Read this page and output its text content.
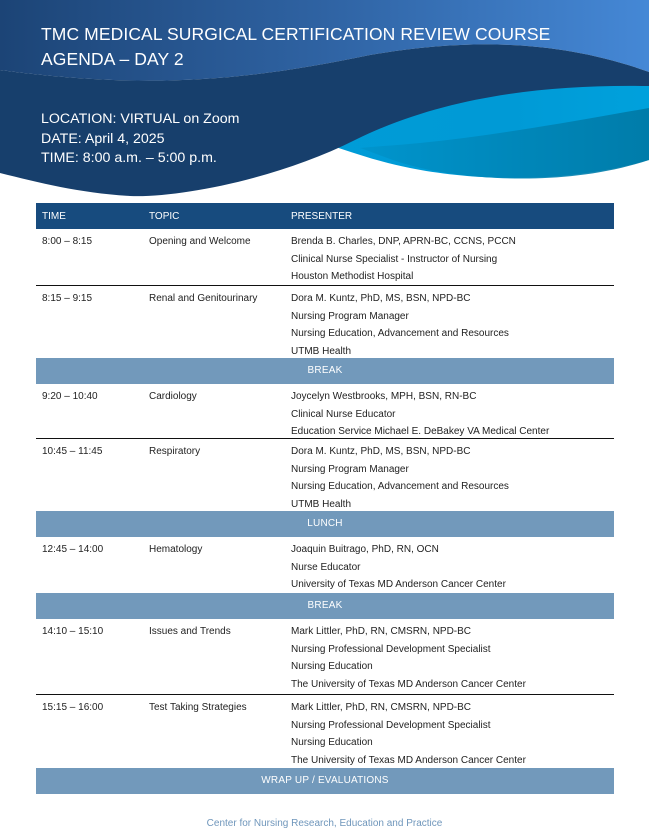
TMC MEDICAL SURGICAL CERTIFICATION REVIEW COURSE
AGENDA – DAY 2
LOCATION: VIRTUAL on Zoom
DATE: April 4, 2025
TIME: 8:00 a.m. – 5:00 p.m.
TIME	TOPIC	PRESENTER
8:00 – 8:15	Opening and Welcome	Brenda B. Charles, DNP, APRN-BC, CCNS, PCCN
Clinical Nurse Specialist - Instructor of Nursing
Houston Methodist Hospital
8:15 – 9:15	Renal and Genitourinary	Dora M. Kuntz, PhD, MS, BSN, NPD-BC
Nursing Program Manager
Nursing Education, Advancement and Resources
UTMB Health
BREAK
9:20 – 10:40	Cardiology	Joycelyn Westbrooks, MPH, BSN, RN-BC
Clinical Nurse Educator
Education Service Michael E. DeBakey VA Medical Center
10:45 – 11:45	Respiratory	Dora M. Kuntz, PhD, MS, BSN, NPD-BC
Nursing Program Manager
Nursing Education, Advancement and Resources
UTMB Health
LUNCH
12:45 – 14:00	Hematology	Joaquin Buitrago, PhD, RN, OCN
Nurse Educator
University of Texas MD Anderson Cancer Center
BREAK
14:10 – 15:10	Issues and Trends	Mark Littler, PhD, RN, CMSRN, NPD-BC
Nursing Professional Development Specialist
Nursing Education
The University of Texas MD Anderson Cancer Center
15:15 – 16:00	Test Taking Strategies	Mark Littler, PhD, RN, CMSRN, NPD-BC
Nursing Professional Development Specialist
Nursing Education
The University of Texas MD Anderson Cancer Center
WRAP UP / EVALUATIONS
Center for Nursing Research, Education and Practice
